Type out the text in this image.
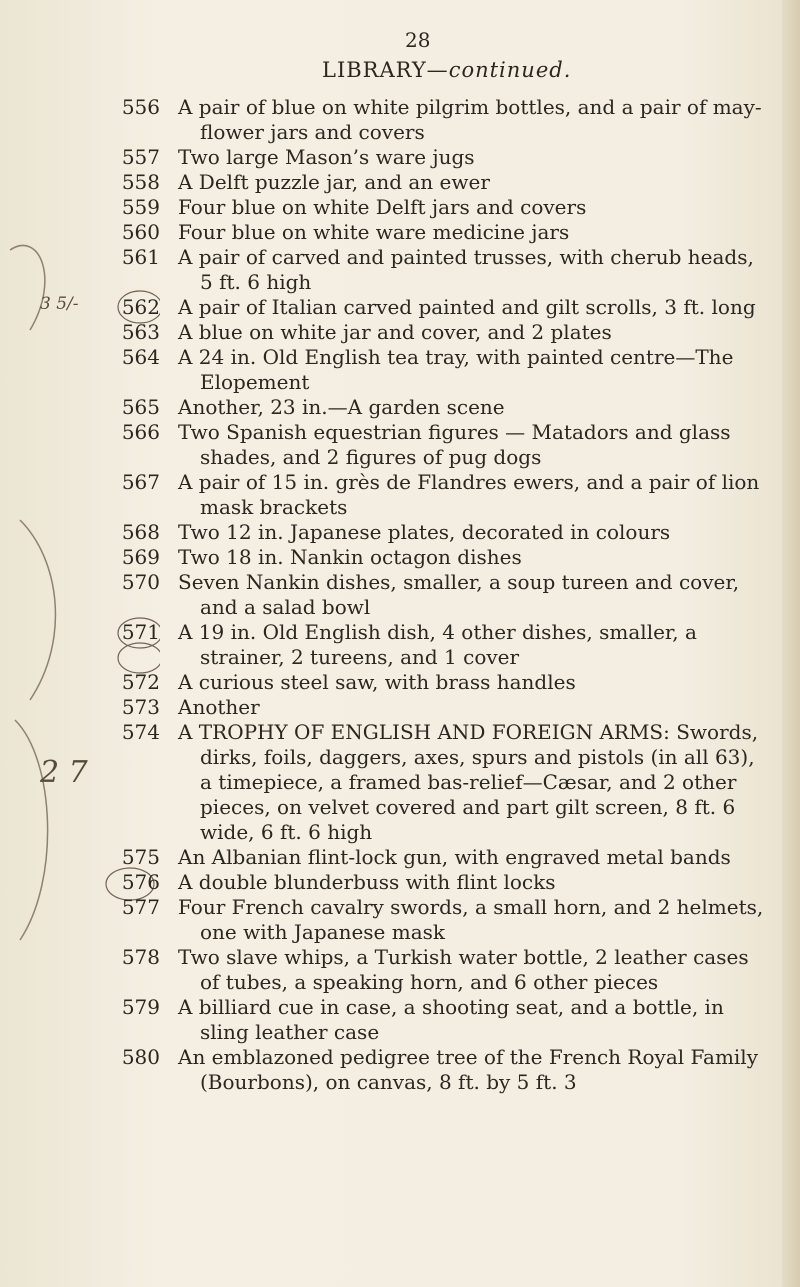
28
LIBRARY—continued.
3 5/-
2 7
556 A pair of blue on white pilgrim bottles, and a pair of may-
flower jars and covers
557 Two large Mason’s ware jugs
558 A Delft puzzle jar, and an ewer
559 Four blue on white Delft jars and covers
560 Four blue on white ware medicine jars
561 A pair of carved and painted trusses, with cherub heads,
5 ft. 6 high
562 A pair of Italian carved painted and gilt scrolls, 3 ft. long
563 A blue on white jar and cover, and 2 plates
564 A 24 in. Old English tea tray, with painted centre—The
Elopement
565 Another, 23 in.—A garden scene
566 Two Spanish equestrian figures — Matadors and glass
shades, and 2 figures of pug dogs
567 A pair of 15 in. grès de Flandres ewers, and a pair of lion
mask brackets
568 Two 12 in. Japanese plates, decorated in colours
569 Two 18 in. Nankin octagon dishes
570 Seven Nankin dishes, smaller, a soup tureen and cover,
and a salad bowl
571 A 19 in. Old English dish, 4 other dishes, smaller, a
strainer, 2 tureens, and 1 cover
572 A curious steel saw, with brass handles
573 Another
574 A TROPHY OF ENGLISH AND FOREIGN ARMS: Swords,
dirks, foils, daggers, axes, spurs and pistols (in all 63),
a timepiece, a framed bas-relief—Cæsar, and 2 other
pieces, on velvet covered and part gilt screen, 8 ft. 6
wide, 6 ft. 6 high
575 An Albanian flint-lock gun, with engraved metal bands
576 A double blunderbuss with flint locks
577 Four French cavalry swords, a small horn, and 2 helmets,
one with Japanese mask
578 Two slave whips, a Turkish water bottle, 2 leather cases
of tubes, a speaking horn, and 6 other pieces
579 A billiard cue in case, a shooting seat, and a bottle, in
sling leather case
580 An emblazoned pedigree tree of the French Royal Family
(Bourbons), on canvas, 8 ft. by 5 ft. 3
